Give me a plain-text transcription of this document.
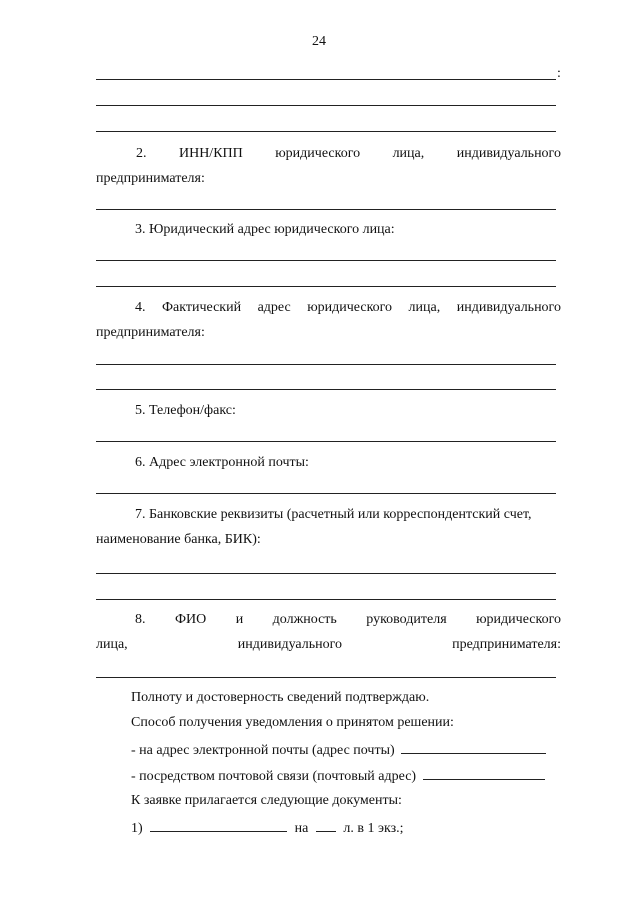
24
:
2. ИНН/КПП юридического лица, индивидуального
предпринимателя:
3. Юридический адрес юридического лица:
4. Фактический адрес юридического лица, индивидуального
предпринимателя:
5. Телефон/факс:
6. Адрес электронной почты:
7. Банковские реквизиты (расчетный или корреспондентский счет,
наименование банка, БИК):
8. ФИО и должность руководителя юридического
лица,	индивидуального	предпринимателя:
Полноту и достоверность сведений подтверждаю.
Способ получения уведомления о принятом решении:
- на адрес электронной почты (адрес почты)
- посредством почтовой связи (почтовый адрес)
К заявке прилагается следующие документы:
1)	на	л. в 1 экз.;
